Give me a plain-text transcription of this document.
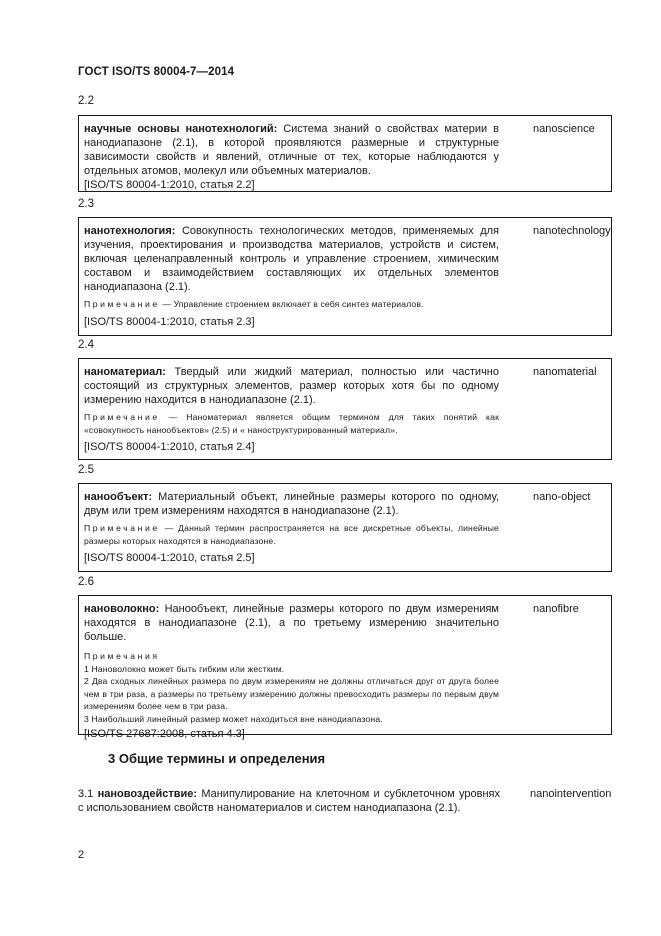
ГОСТ ISO/TS 80004-7—2014
2.2

научные основы нанотехнологий: Система знаний о свойствах материи в нанодиапазоне (2.1), в которой проявляются размерные и структурные зависимости свойств и явлений, отличные от тех, которые наблюдаются у отдельных атомов, молекул или объемных материалов.

[ISO/TS 80004-1:2010, статья 2.2]

nanoscience
2.3

нанотехнология: Совокупность технологических методов, применяемых для изучения, проектирования и производства материалов, устройств и систем, включая целенаправленный контроль и управление строением, химическим составом и взаимодействием составляющих их отдельных элементов нанодиапазона (2.1).

Примечание — Управление строением включает в себя синтез материалов.

[ISO/TS 80004-1:2010, статья 2.3]

nanotechnology
2.4

наноматериал: Твердый или жидкий материал, полностью или частично состоящий из структурных элементов, размер которых хотя бы по одному измерению находится в нанодиапазоне (2.1).

Примечание — Наноматериал является общим термином для таких понятий как «совокупность нанообъектов» (2.5) и « наноструктурированный материал».

[ISO/TS 80004-1:2010, статья 2.4]

nanomaterial
2.5

нанообъект: Материальный объект, линейные размеры которого по одному, двум или трем измерениям находятся в нанодиапазоне (2.1).

Примечание — Данный термин распространяется на все дискретные объекты, линейные размеры которых находятся в нанодиапазоне.

[ISO/TS 80004-1:2010, статья 2.5]

nano-object
2.6

нановолокно: Нанообъект, линейные размеры которого по двум измерениям находятся в нанодиапазоне (2.1), а по третьему измерению значительно больше.

Примечания
1 Нановолокно может быть гибким или жестким.
2 Два сходных линейных размера по двум измерениям не должны отличаться друг от друга более чем в три раза, а размеры по третьему измерению должны превосходить размеры по первым двум измерениям более чем в три раза.
3 Наибольший линейный размер может находиться вне нанодиапазона.

[ISO/TS 27687:2008, статья 4.3]

nanofibre
3 Общие термины и определения

3.1 нановоздействие: Манипулирование на клеточном и субклеточном уровнях с использованием свойств наноматериалов и систем нанодиапазона (2.1).

nanointervention
2
